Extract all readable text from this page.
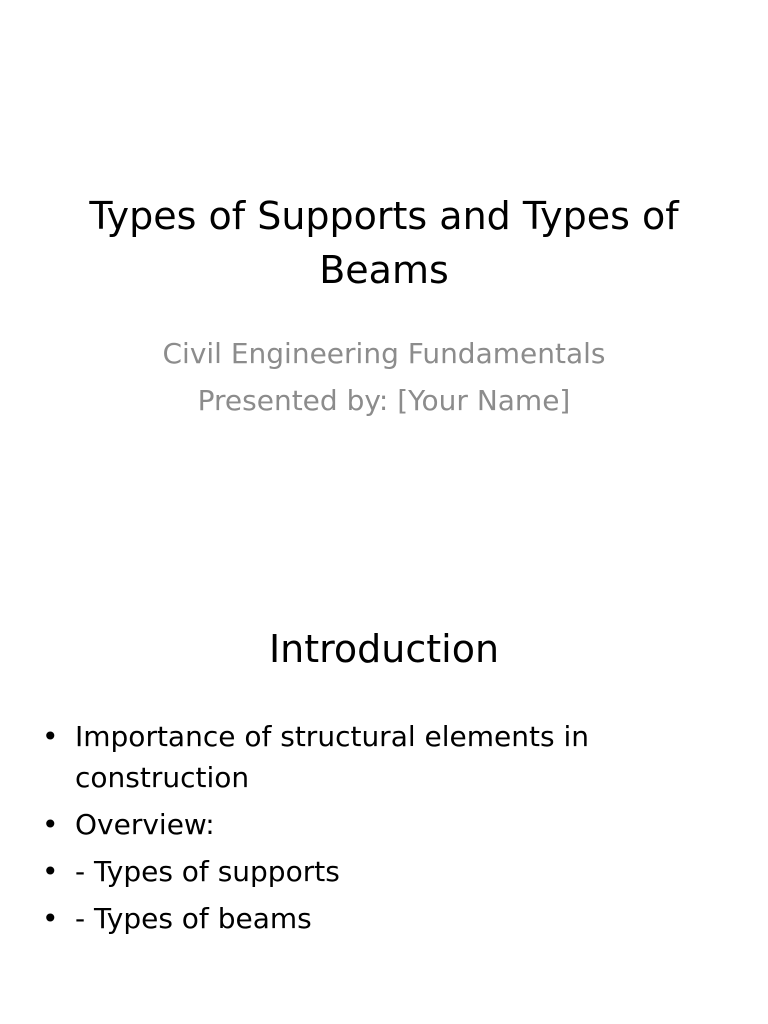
Types of Supports and Types of Beams
Civil Engineering Fundamentals
Presented by: [Your Name]
Introduction
• Importance of structural elements in construction
• Overview:
• - Types of supports
• - Types of beams
